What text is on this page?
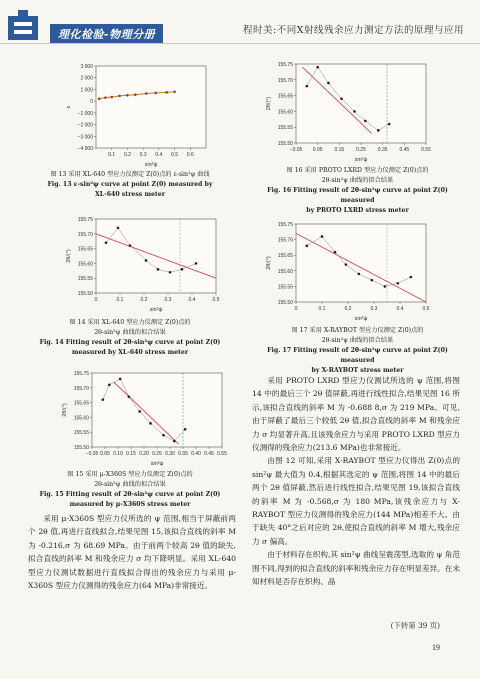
理化检验-物理分册	程时美:不同X射线残余应力测定方法的原理与应用
3 000
2 000
1 000
0
−1 000
−2 000
−3 000
−4 000
0.1 0.2 0.3 0.4 0.5 0.6
sin²ψ
ε
图 13 采用 XL-640 型应力仪测定 Z(0)点的 ε-sin²ψ 曲线
Fig. 13 ε-sin²ψ curve at point Z(0) measured by
XL-640 stress meter
155.75
155.70
155.65
155.60
155.55
155.50
0	0.1	0.2	0.3	0.4	0.5
sin²ψ
2θ/(°)
图 14 采用 XL-640 型应力仪测定 Z(0)点的
2θ-sin²ψ 曲线的拟合结果
Fig. 14 Fitting result of 2θ-sin²ψ curve at point Z(0)
measured by XL-640 stress meter
155.75
155.70
155.65
155.60
155.55
155.50
−0.05 0.05 0.10 0.15 0.20 0.25 0.30 0.35 0.40 0.45 0.55
sin²ψ
2θ/(°)
图 15 采用 μ-X360S 型应力仪测定 Z(0)点的
2θ-sin²ψ 曲线的拟合结果
Fig. 15 Fitting result of 2θ-sin²ψ curve at point Z(0)
measured by μ-X360S stress meter

采用 μ-X360S 型应力仪所选的 ψ 范围,相当于屏蔽前两个 2θ 值,再进行直线拟合,结果见图 15,该拟合直线的斜率 M 为 -0.216,σ 为 68.69 MPa。由于前两个较高 2θ 值的缺失,拟合直线的斜率 M 和残余应力 σ 均下降明显。采用 XL-640 型应力仪测试数据进行直线拟合得出的残余应力与采用 μ-X360S 型应力仪测得的残余应力(64 MPa)非常接近。

155.75
155.70
155.65
155.60
155.55
155.50
−0.05 0.05 0.15 0.25 0.35 0.45 0.55
sin²ψ
2θ/(°)
图 16 采用 PROTO LXRD 型应力仪测定 Z(0)点的
2θ-sin²ψ 曲线的拟合结果
Fig. 16 Fitting result of 2θ-sin²ψ curve at point Z(0) measured
by PROTO LXRD stress meter
155.75
155.70
155.65
155.60
155.55
155.50
0	0.1	0.2	0.3	0.4	0.5
sin²ψ
2θ/(°)
图 17 采用 X-RAYBOT 型应力仪测定 Z(0)点的
2θ-sin²ψ 曲线的拟合结果
Fig. 17 Fitting result of 2θ-sin²ψ curve at point Z(0) measured
by X-RAYBOT stress meter

采用 PROTO LXRD 型应力仪测试所选的 ψ 范围,将图 14 中的最后三个 2θ 值屏蔽,再进行线性拟合,结果见图 16 所示,该拟合直线的斜率 M 为 -0.688 8,σ 为 219 MPa。可见,由于屏蔽了最后三个较低 2θ 值,拟合直线的斜率 M 和残余应力 σ 均显著升高,且该残余应力与采用 PROTO LXRD 型应力仪测得的残余应力(213.6 MPa)也非常接近。

由图 12 可知,采用 X-RAYBOT 型应力仪得出 Z(0)点的 sin²ψ 最大值为 0.4,根据其选定的 ψ 范围,将图 14 中的最后两个 2θ 值屏蔽,然后进行线性拟合,结果见图 19,该拟合直线的斜率 M 为 -0.568,σ 为 180 MPa,该残余应力与 X-RAYBOT 型应力仪测得的残余应力(144 MPa)相差不大。由于缺失 40°之后对应的 2θ,使拟合直线的斜率 M 增大,残余应力 σ 偏高。

由于材料存在织构,其 sin²ψ 曲线呈震荡型,选取的 ψ 角范围不同,得到的拟合直线的斜率和残余应力存在明显差异。在未知材料是否存在织构、晶

(下转第 39 页)
19
